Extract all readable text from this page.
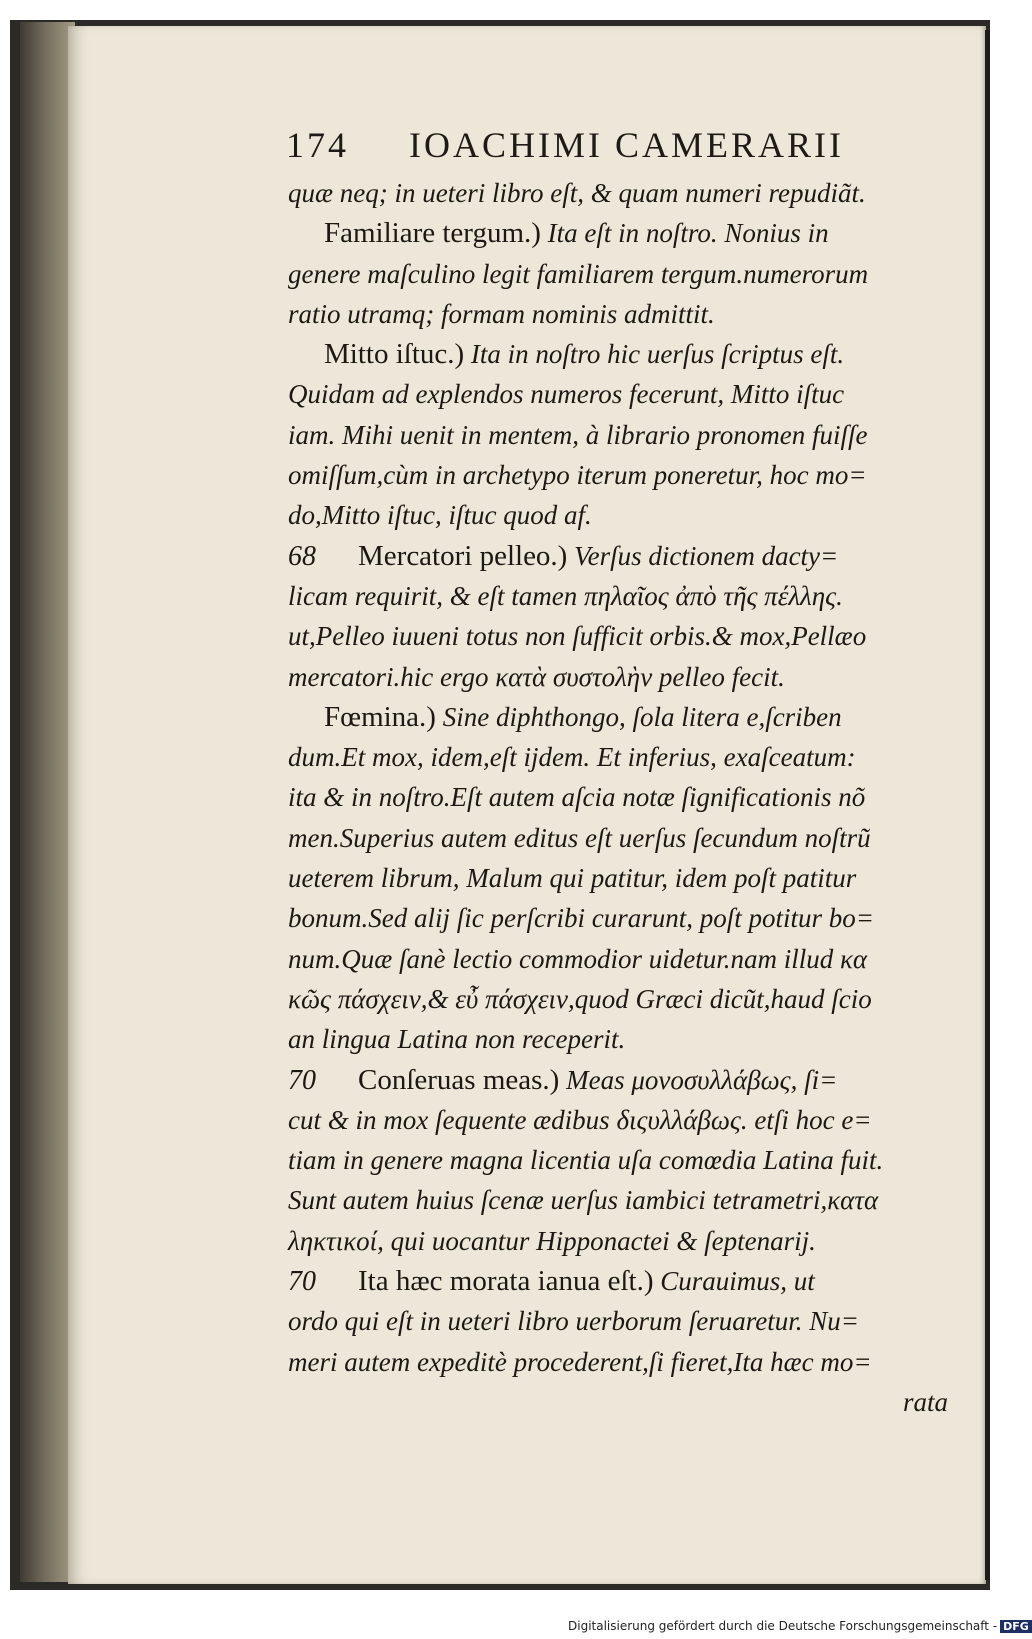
174 IOACHIMI CAMERARII
quæ neq; in ueteri libro eſt, & quam numeri repudiãt.
Familiare tergum.) Ita eſt in noſtro. Nonius in
genere maſculino legit familiarem tergum.numerorum
ratio utramq; formam nominis admittit.
Mitto iſtuc.) Ita in noſtro hic uerſus ſcriptus eſt.
Quidam ad explendos numeros fecerunt, Mitto iſtuc
iam. Mihi uenit in mentem, à librario pronomen fuiſſe
omiſſum,cùm in archetypo iterum poneretur, hoc mo=
do,Mitto iſtuc, iſtuc quod af.
68 Mercatori pelleo.) Verſus dictionem dacty=
licam requirit, & eſt tamen πηλαῖος ἀπὸ τῆς πέλλης.
ut,Pelleo iuueni totus non ſufficit orbis.& mox,Pellæo
mercatori.hic ergo κατὰ συστολὴν pelleo fecit.
Fœmina.) Sine diphthongo, ſola litera e,ſcriben
dum.Et mox, idem,eſt ijdem. Et inferius, exaſceatum:
ita & in noſtro.Eſt autem aſcia notæ ſignificationis nõ
men.Superius autem editus eſt uerſus ſecundum noſtrũ
ueterem librum, Malum qui patitur, idem poſt patitur
bonum.Sed alij ſic perſcribi curarunt, poſt potitur bo=
num.Quæ ſanè lectio commodior uidetur.nam illud κα
κῶς πάσχειν,& εὖ πάσχειν,quod Græci dicũt,haud ſcio
an lingua Latina non receperit.
70 Conſeruas meas.) Meas μονοσυλλάβως, ſi=
cut & in mox ſequente ædibus διςυλλάβως. etſi hoc e=
tiam in genere magna licentia uſa comœdia Latina fuit.
Sunt autem huius ſcenæ uerſus iambici tetrametri,κατα
ληκτικοί, qui uocantur Hipponactei & ſeptenarij.
70 Ita hæc morata ianua eſt.) Curauimus, ut
ordo qui eſt in ueteri libro uerborum ſeruaretur. Nu=
meri autem expeditè procederent,ſi fieret,Ita hæc mo=
rata
Digitalisierung gefördert durch die Deutsche Forschungsgemeinschaft - DFG
